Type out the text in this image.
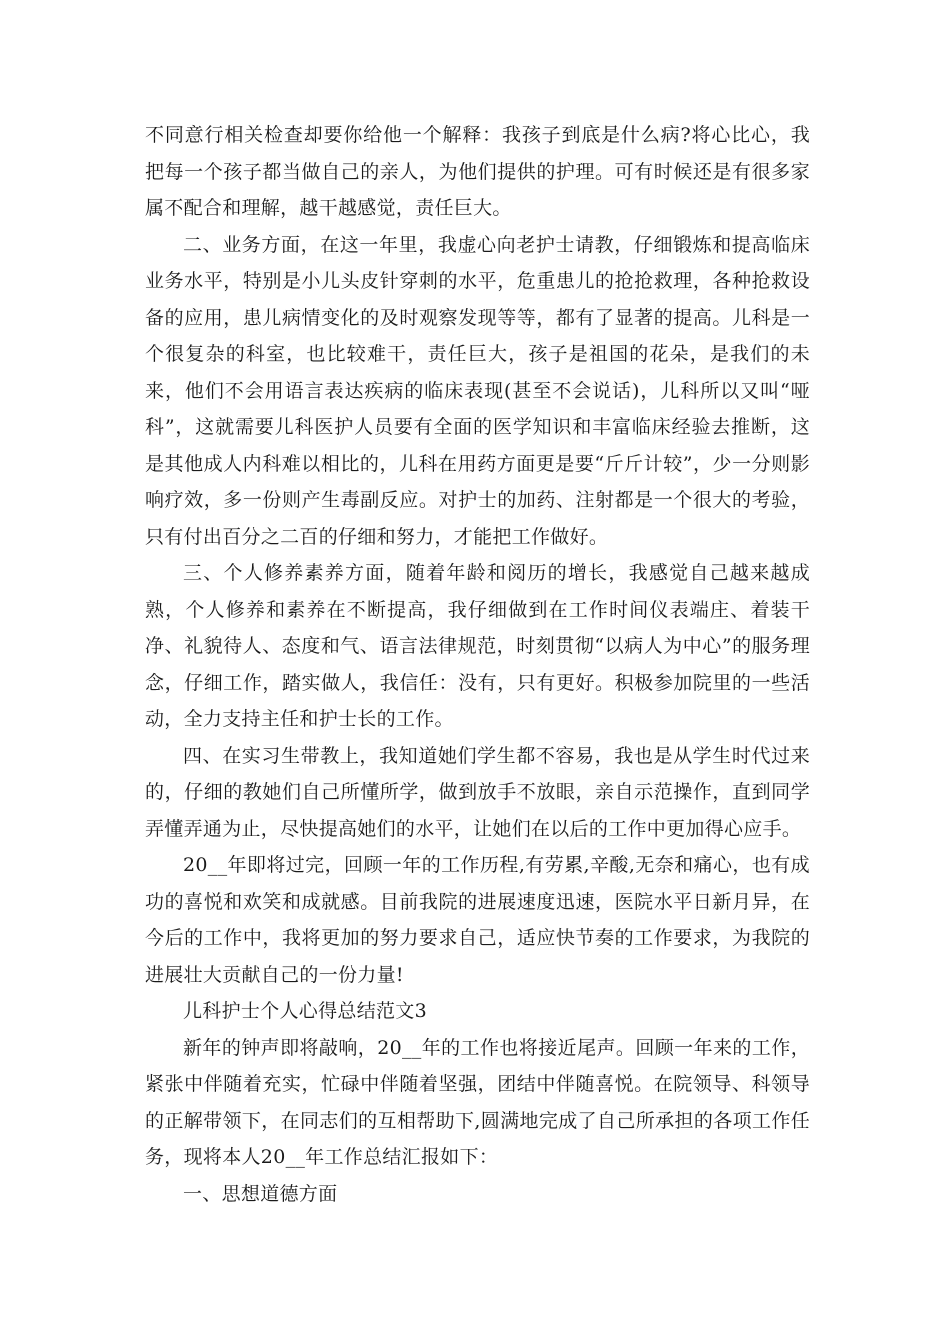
不同意行相关检查却要你给他一个解释：我孩子到底是什么病?将心比心，我把每一个孩子都当做自己的亲人，为他们提供的护理。可有时候还是有很多家属不配合和理解，越干越感觉，责任巨大。

二、业务方面，在这一年里，我虚心向老护士请教，仔细锻炼和提高临床业务水平，特别是小儿头皮针穿刺的水平，危重患儿的抢抢救理，各种抢救设备的应用，患儿病情变化的及时观察发现等等，都有了显著的提高。儿科是一个很复杂的科室，也比较难干，责任巨大，孩子是祖国的花朵，是我们的未来，他们不会用语言表达疾病的临床表现(甚至不会说话)，儿科所以又叫“哑科”，这就需要儿科医护人员要有全面的医学知识和丰富临床经验去推断，这是其他成人内科难以相比的，儿科在用药方面更是要“斤斤计较”，少一分则影响疗效，多一份则产生毒副反应。对护士的加药、注射都是一个很大的考验，只有付出百分之二百的仔细和努力，才能把工作做好。

三、个人修养素养方面，随着年龄和阅历的增长，我感觉自己越来越成熟，个人修养和素养在不断提高，我仔细做到在工作时间仪表端庄、着装干净、礼貌待人、态度和气、语言法律规范，时刻贯彻“以病人为中心”的服务理念，仔细工作，踏实做人，我信任：没有，只有更好。积极参加院里的一些活动，全力支持主任和护士长的工作。

四、在实习生带教上，我知道她们学生都不容易，我也是从学生时代过来的，仔细的教她们自己所懂所学，做到放手不放眼，亲自示范操作，直到同学弄懂弄通为止，尽快提高她们的水平，让她们在以后的工作中更加得心应手。

20__年即将过完，回顾一年的工作历程,有劳累,辛酸,无奈和痛心，也有成功的喜悦和欢笑和成就感。目前我院的进展速度迅速，医院水平日新月异，在今后的工作中，我将更加的努力要求自己，适应快节奏的工作要求，为我院的进展壮大贡献自己的一份力量!

儿科护士个人心得总结范文3

新年的钟声即将敲响，20__年的工作也将接近尾声。回顾一年来的工作，紧张中伴随着充实，忙碌中伴随着坚强，团结中伴随喜悦。在院领导、科领导的正解带领下，在同志们的互相帮助下,圆满地完成了自己所承担的各项工作任务，现将本人20__年工作总结汇报如下：

一、思想道德方面
